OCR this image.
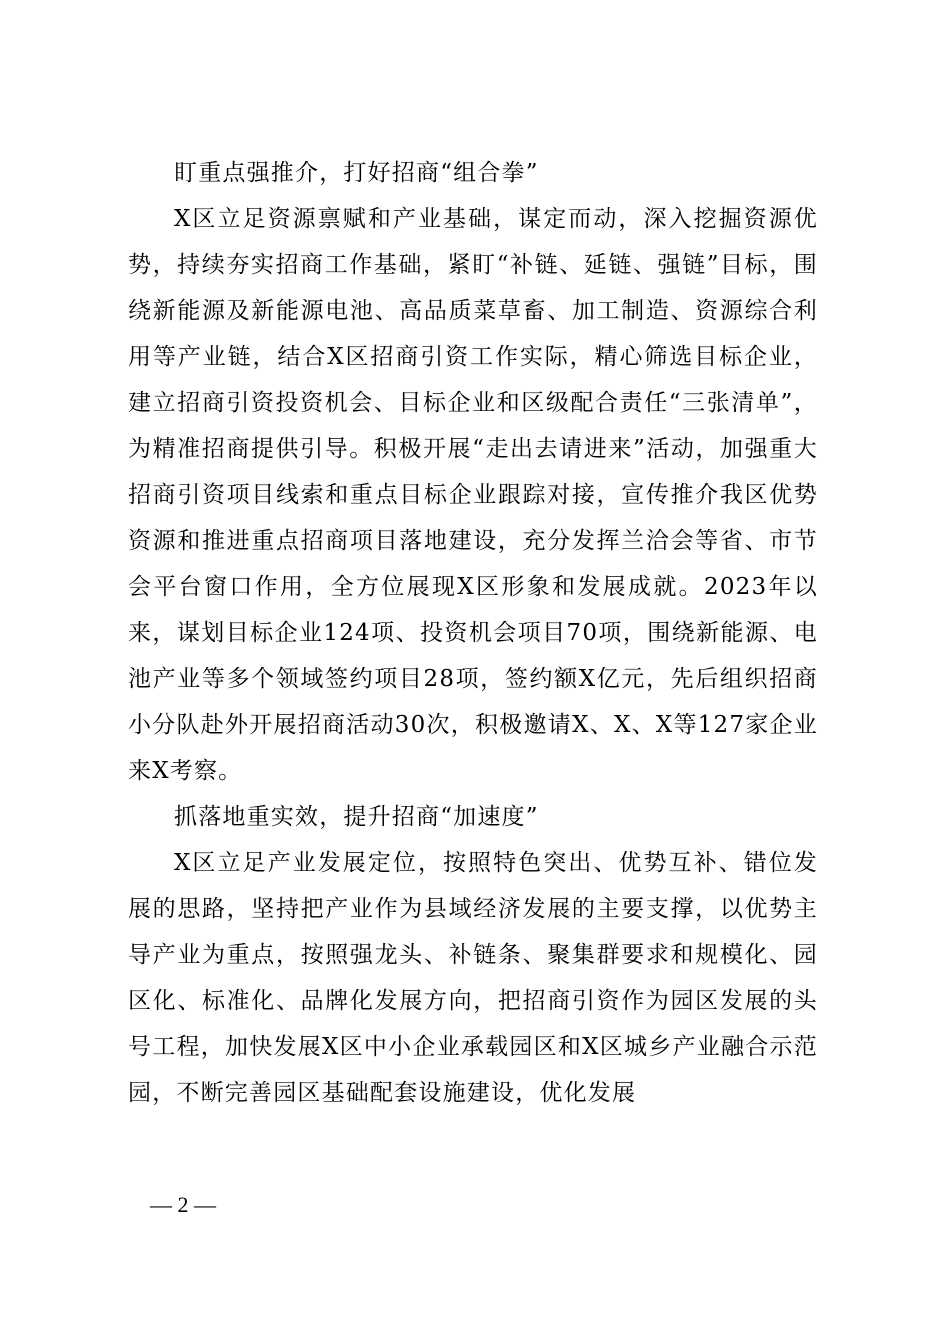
盯重点强推介，打好招商“组合拳”

X区立足资源禀赋和产业基础，谋定而动，深入挖掘资源优势，持续夯实招商工作基础，紧盯“补链、延链、强链”目标，围绕新能源及新能源电池、高品质菜草畜、加工制造、资源综合利用等产业链，结合X区招商引资工作实际，精心筛选目标企业，建立招商引资投资机会、目标企业和区级配合责任“三张清单”，为精准招商提供引导。积极开展“走出去请进来”活动，加强重大招商引资项目线索和重点目标企业跟踪对接，宣传推介我区优势资源和推进重点招商项目落地建设，充分发挥兰洽会等省、市节会平台窗口作用，全方位展现X区形象和发展成就。2023年以来，谋划目标企业124项、投资机会项目70项，围绕新能源、电池产业等多个领域签约项目28项，签约额X亿元，先后组织招商小分队赴外开展招商活动30次，积极邀请X、X、X等127家企业来X考察。

抓落地重实效，提升招商“加速度”

X区立足产业发展定位，按照特色突出、优势互补、错位发展的思路，坚持把产业作为县域经济发展的主要支撑，以优势主导产业为重点，按照强龙头、补链条、聚集群要求和规模化、园区化、标准化、品牌化发展方向，把招商引资作为园区发展的头号工程，加快发展X区中小企业承载园区和X区城乡产业融合示范园，不断完善园区基础配套设施建设，优化发展

— 2 —
